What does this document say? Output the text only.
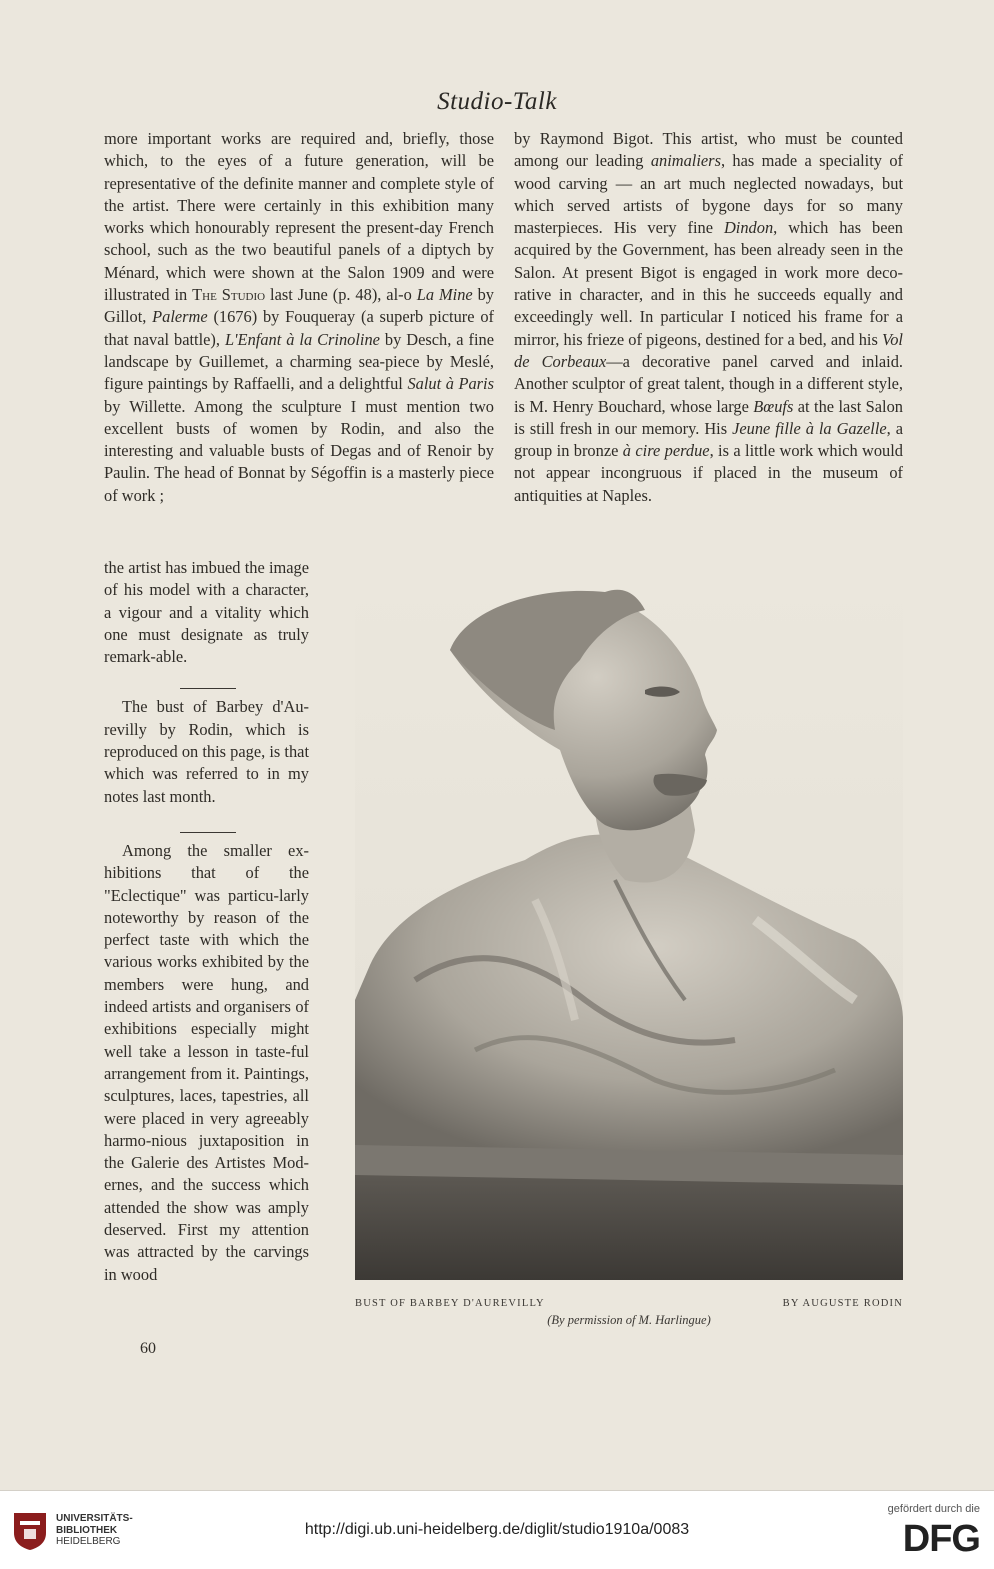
Studio-Talk

more important works are required and, briefly, those which, to the eyes of a future generation, will be representative of the definite manner and complete style of the artist. There were certainly in this exhibition many works which honourably represent the present-day French school, such as the two beautiful panels of a diptych by Ménard, which were shown at the Salon 1909 and were illustrated in The Studio last June (p. 48), al-o La Mine by Gillot, Palerme (1676) by Fouqueray (a superb picture of that naval battle), L'Enfant à la Crinoline by Desch, a fine landscape by Guillemet, a charming sea-piece by Meslé, figure paintings by Raffaelli, and a delightful Salut à Paris by Willette. Among the sculpture I must mention two excellent busts of women by Rodin, and also the interesting and valuable busts of Degas and of Renoir by Paulin. The head of Bonnat by Ségoffin is a masterly piece of work ;

the artist has imbued the image of his model with a character, a vigour and a vitality which one must designate as truly remark-able.

The bust of Barbey d'Au-revilly by Rodin, which is reproduced on this page, is that which was referred to in my notes last month.

Among the smaller ex-hibitions that of the "Eclectique" was particu-larly noteworthy by reason of the perfect taste with which the various works exhibited by the members were hung, and indeed artists and organisers of exhibitions especially might well take a lesson in taste-ful arrangement from it. Paintings, sculptures, laces, tapestries, all were placed in very agreeably harmo-nious juxtaposition in the Galerie des Artistes Mod-ernes, and the success which attended the show was amply deserved. First my attention was attracted by the carvings in wood

by Raymond Bigot. This artist, who must be counted among our leading animaliers, has made a speciality of wood carving — an art much neglected nowadays, but which served artists of bygone days for so many masterpieces. His very fine Dindon, which has been acquired by the Government, has been already seen in the Salon. At present Bigot is engaged in work more deco-rative in character, and in this he succeeds equally and exceedingly well. In particular I noticed his frame for a mirror, his frieze of pigeons, destined for a bed, and his Vol de Corbeaux—a decorative panel carved and inlaid. Another sculptor of great talent, though in a different style, is M. Henry Bouchard, whose large Bœufs at the last Salon is still fresh in our memory. His Jeune fille à la Gazelle, a group in bronze à cire perdue, is a little work which would not appear incongruous if placed in the museum of antiquities at Naples.

BUST OF BARBEY D'AUREVILLY	BY AUGUSTE RODIN
(By permission of M. Harlingue)
60
UNIVERSITÄTS-
BIBLIOTHEK
HEIDELBERG
http://digi.ub.uni-heidelberg.de/diglit/studio1910a/0083
gefördert durch die
DFG
